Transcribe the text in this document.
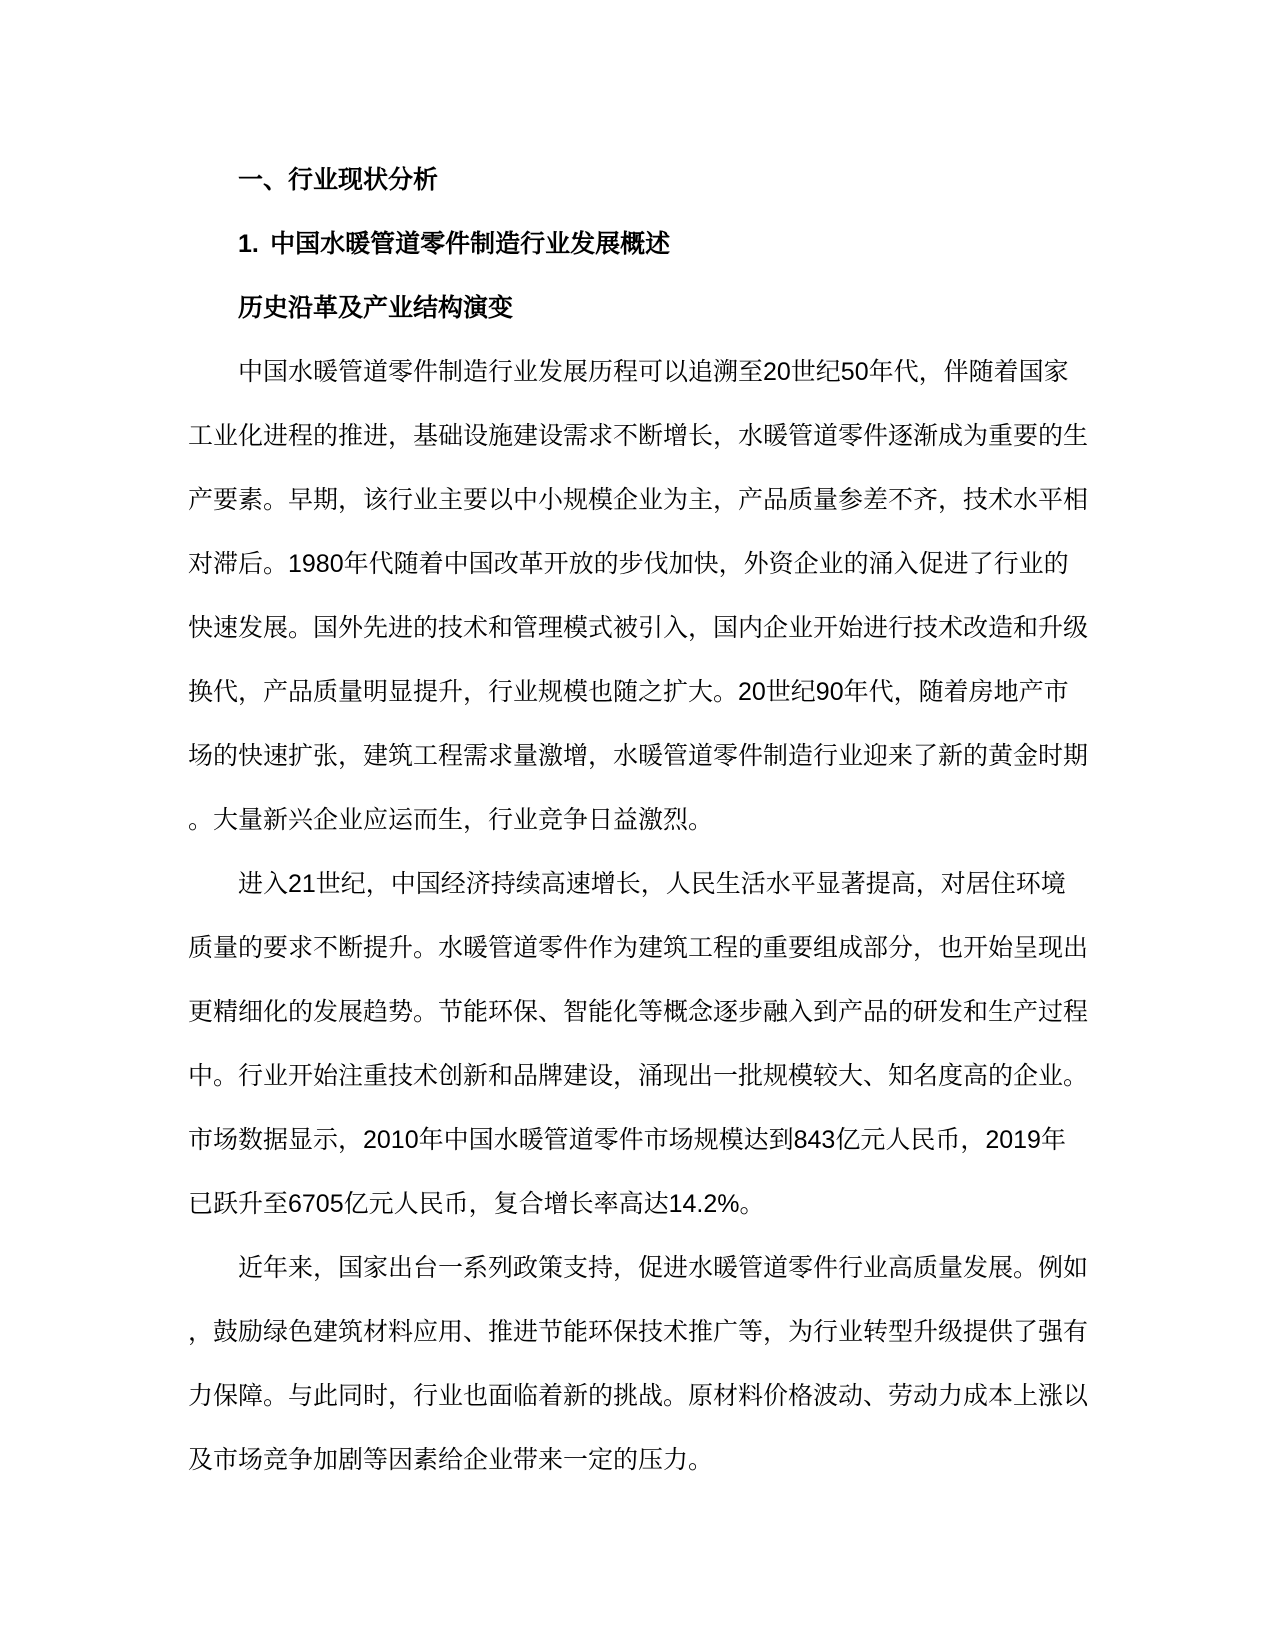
一、行业现状分析
1. 中国水暖管道零件制造行业发展概述
历史沿革及产业结构演变

中国水暖管道零件制造行业发展历程可以追溯至20世纪50年代，伴随着国家工业化进程的推进，基础设施建设需求不断增长，水暖管道零件逐渐成为重要的生产要素。早期，该行业主要以中小规模企业为主，产品质量参差不齐，技术水平相对滞后。1980年代随着中国改革开放的步伐加快，外资企业的涌入促进了行业的快速发展。国外先进的技术和管理模式被引入，国内企业开始进行技术改造和升级换代，产品质量明显提升，行业规模也随之扩大。20世纪90年代，随着房地产市场的快速扩张，建筑工程需求量激增，水暖管道零件制造行业迎来了新的黄金时期。大量新兴企业应运而生，行业竞争日益激烈。

进入21世纪，中国经济持续高速增长，人民生活水平显著提高，对居住环境质量的要求不断提升。水暖管道零件作为建筑工程的重要组成部分，也开始呈现出更精细化的发展趋势。节能环保、智能化等概念逐步融入到产品的研发和生产过程中。行业开始注重技术创新和品牌建设，涌现出一批规模较大、知名度高的企业。市场数据显示，2010年中国水暖管道零件市场规模达到843亿元人民币，2019年已跃升至6705亿元人民币，复合增长率高达14.2%。

近年来，国家出台一系列政策支持，促进水暖管道零件行业高质量发展。例如，鼓励绿色建筑材料应用、推进节能环保技术推广等，为行业转型升级提供了强有力保障。与此同时，行业也面临着新的挑战。原材料价格波动、劳动力成本上涨以及市场竞争加剧等因素给企业带来一定的压力。
